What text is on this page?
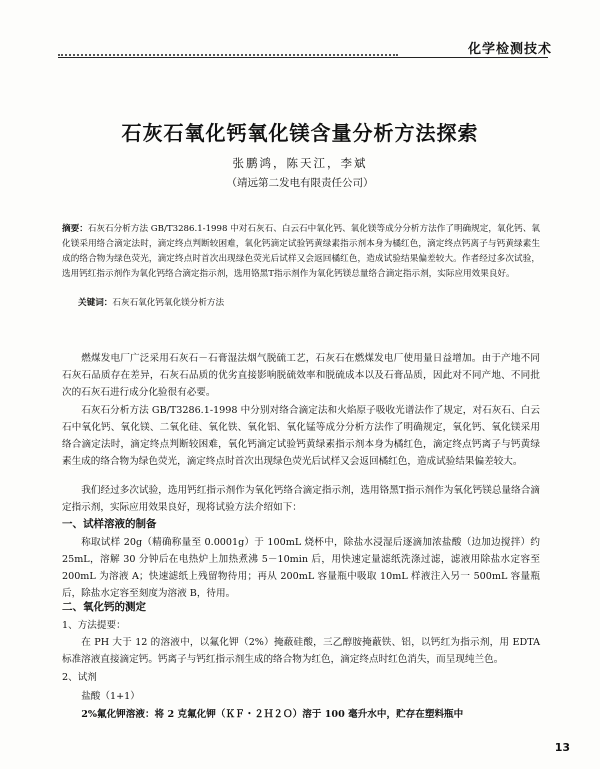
化学检测技术
石灰石氧化钙氧化镁含量分析方法探索
张鹏鸿，陈天江，李斌
（靖远第二发电有限责任公司）
摘要：石灰石分析方法 GB/T3286.1-1998 中对石灰石、白云石中氧化钙、氧化镁等成分分析方法作了明确规定，氧化钙、氧化镁采用络合滴定法时，滴定终点判断较困难，氧化钙滴定试验钙黄绿素指示剂本身为橘红色，滴定终点钙离子与钙黄绿素生成的络合物为绿色荧光，滴定终点时首次出现绿色荧光后试样又会返回橘红色，造成试验结果偏差较大。作者经过多次试验，选用钙红指示剂作为氧化钙络合滴定指示剂，选用铬黑T指示剂作为氧化钙镁总量络合滴定指示剂，实际应用效果良好。
关键词：石灰石氧化钙氧化镁分析方法
燃煤发电厂广泛采用石灰石－石膏湿法烟气脱硫工艺，石灰石在燃煤发电厂使用量日益增加。由于产地不同石灰石品质存在差异，石灰石品质的优劣直接影响脱硫效率和脱硫成本以及石膏品质，因此对不同产地、不同批次的石灰石进行成分化验很有必要。
石灰石分析方法 GB/T3286.1-1998 中分别对络合滴定法和火焰原子吸收光谱法作了规定，对石灰石、白云石中氧化钙、氧化镁、二氧化硅、氧化铁、氧化铝、氧化锰等成分分析方法作了明确规定，氧化钙、氧化镁采用络合滴定法时，滴定终点判断较困难，氧化钙滴定试验钙黄绿素指示剂本身为橘红色，滴定终点钙离子与钙黄绿素生成的络合物为绿色荧光，滴定终点时首次出现绿色荧光后试样又会返回橘红色，造成试验结果偏差较大。
我们经过多次试验，选用钙红指示剂作为氧化钙络合滴定指示剂，选用铬黑T指示剂作为氧化钙镁总量络合滴定指示剂，实际应用效果良好，现将试验方法介绍如下：
一、试样溶液的制备
称取试样 20g（精确称量至 0.0001g）于 100mL 烧杯中，除盐水浸湿后逐滴加浓盐酸（边加边搅拌）约 25mL，溶解 30 分钟后在电热炉上加热煮沸 5－10min 后，用快速定量滤纸洗涤过滤，滤液用除盐水定容至 200mL 为溶液 A；快速滤纸上残留物待用；再从 200mL 容量瓶中吸取 10mL 样液注入另一 500mL 容量瓶后，除盐水定容至刻度为溶液 B，待用。
二、氧化钙的测定
1、方法提要：
在 PH 大于 12 的溶液中，以氟化钾（2%）掩蔽硅酸，三乙醇胺掩蔽铁、铝，以钙红为指示剂，用 EDTA 标准溶液直接滴定钙。钙离子与钙红指示剂生成的络合物为红色，滴定终点时红色消失，而呈现纯兰色。
2、试剂
盐酸（1+1）
2%氟化钾溶液：将 2 克氟化钾（ＫＦ・２Ｈ２Ｏ）溶于 100 毫升水中，贮存在塑料瓶中
13
